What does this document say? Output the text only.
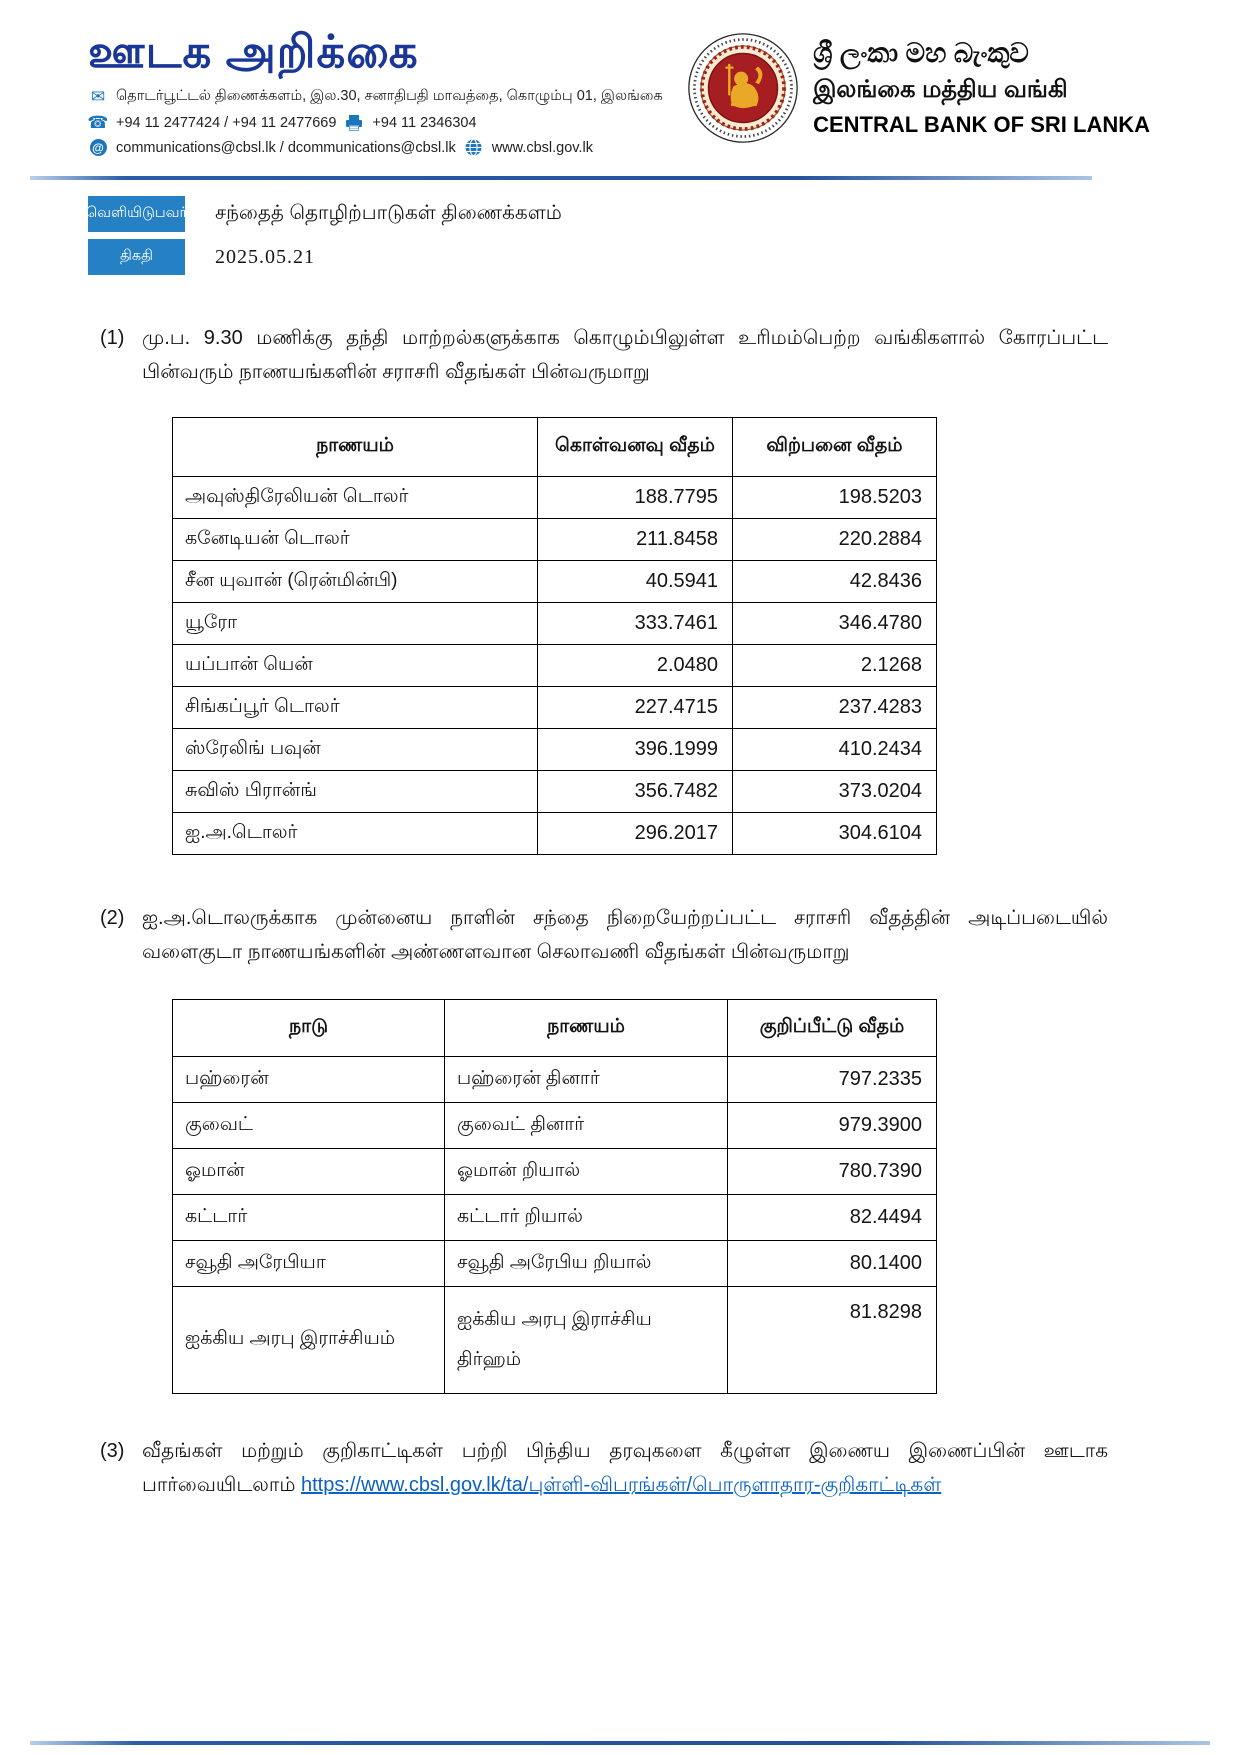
ஊடக அறிக்கை
✉ தொடர்பூட்டல் திணைக்களம், இல.30, சனாதிபதி மாவத்தை, கொழும்பு 01, இலங்கை
☎ +94 11 2477424 / +94 11 2477669 +94 11 2346304
@ communications@cbsl.lk / dcommunications@cbsl.lk www.cbsl.gov.lk
ශ්‍රී ලංකා මහ බැංකුව
இலங்கை மத்திய வங்கி
CENTRAL BANK OF SRI LANKA
வெளியிடுபவர் சந்தைத் தொழிற்பாடுகள் திணைக்களம்
திகதி	2025.05.21
(1) மு.ப. 9.30 மணிக்கு தந்தி மாற்றல்களுக்காக கொழும்பிலுள்ள உரிமம்பெற்ற வங்கிகளால் கோரப்பட்ட பின்வரும் நாணயங்களின் சராசரி வீதங்கள் பின்வருமாறு
நாணயம்	கொள்வனவு வீதம்	விற்பனை வீதம்
அவுஸ்திரேலியன் டொலர்	188.7795	198.5203
கனேடியன் டொலர்	211.8458	220.2884
சீன யுவான் (ரென்மின்பி)	40.5941	42.8436
யூரோ	333.7461	346.4780
யப்பான் யென்	2.0480	2.1268
சிங்கப்பூர் டொலர்	227.4715	237.4283
ஸ்ரேலிங் பவுன்	396.1999	410.2434
சுவிஸ் பிரான்ங்	356.7482	373.0204
ஐ.அ.டொலர்	296.2017	304.6104
(2) ஐ.அ.டொலருக்காக முன்னைய நாளின் சந்தை நிறையேற்றப்பட்ட சராசரி வீதத்தின் அடிப்படையில் வளைகுடா நாணயங்களின் அண்ணளவான செலாவணி வீதங்கள் பின்வருமாறு
நாடு	நாணயம்	குறிப்பீட்டு வீதம்
பஹ்ரைன்	பஹ்ரைன் தினார்	797.2335
குவைட்	குவைட் தினார்	979.3900
ஓமான்	ஓமான் றியால்	780.7390
கட்டார்	கட்டார் றியால்	82.4494
சவூதி அரேபியா	சவூதி அரேபிய றியால்	80.1400
ஐக்கிய அரபு இராச்சியம்	ஐக்கிய அரபு இராச்சிய திர்ஹம்	81.8298
(3) வீதங்கள் மற்றும் குறிகாட்டிகள் பற்றி பிந்திய தரவுகளை கீழுள்ள இணைய இணைப்பின் ஊடாக பார்வையிடலாம் https://www.cbsl.gov.lk/ta/புள்ளி-விபரங்கள்/பொருளாதார-குறிகாட்டிகள்
